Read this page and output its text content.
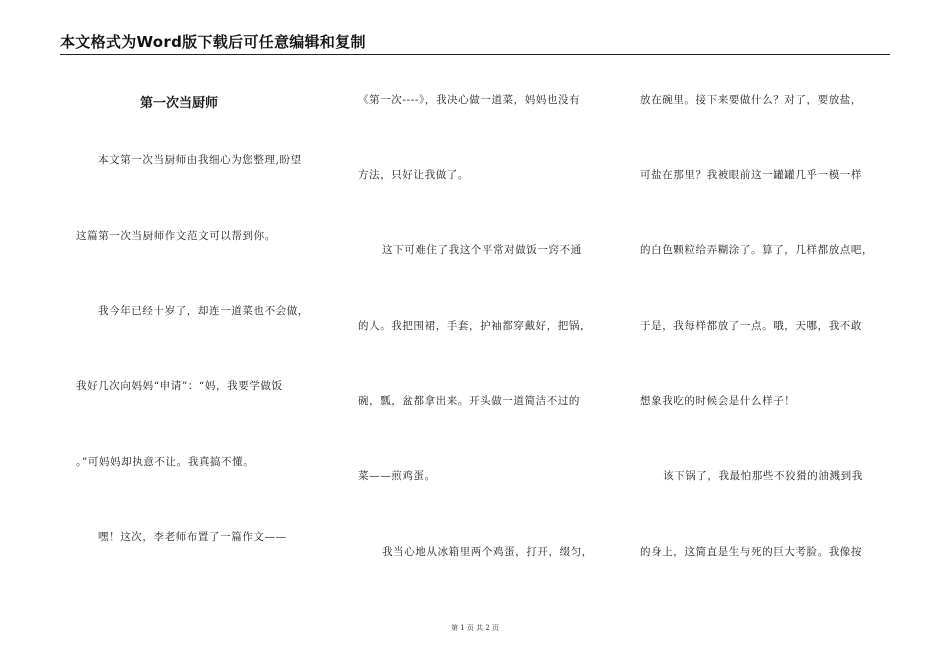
本文格式为Word版下载后可任意编辑和复制
第一次当厨师
本文第一次当厨师由我细心为您整理,盼望
这篇第一次当厨师作文范文可以帮到你。
我今年已经十岁了，却连一道菜也不会做，
我好几次向妈妈“申请”：“妈，我要学做饭
。”可妈妈却执意不让。我真搞不懂。
嘿！这次，李老师布置了一篇作文——
《第一次----》，我决心做一道菜，妈妈也没有
方法，只好让我做了。
这下可难住了我这个平常对做饭一窍不通
的人。我把围裙，手套，护袖都穿戴好，把锅，
碗，瓢，盆都拿出来。开头做一道简洁不过的
菜——煎鸡蛋。
我当心地从冰箱里两个鸡蛋，打开，缀匀，
放在碗里。接下来要做什么？对了，要放盐，
可盐在那里？我被眼前这一罐罐几乎一模一样
的白色颗粒给弄糊涂了。算了，几样都放点吧，
于是，我每样都放了一点。哦，天哪，我不敢
想象我吃的时候会是什么样子！
该下锅了，我最怕那些不狡猾的油溅到我
的身上，这简直是生与死的巨大考脸。我像按
第 1 页 共 2 页
